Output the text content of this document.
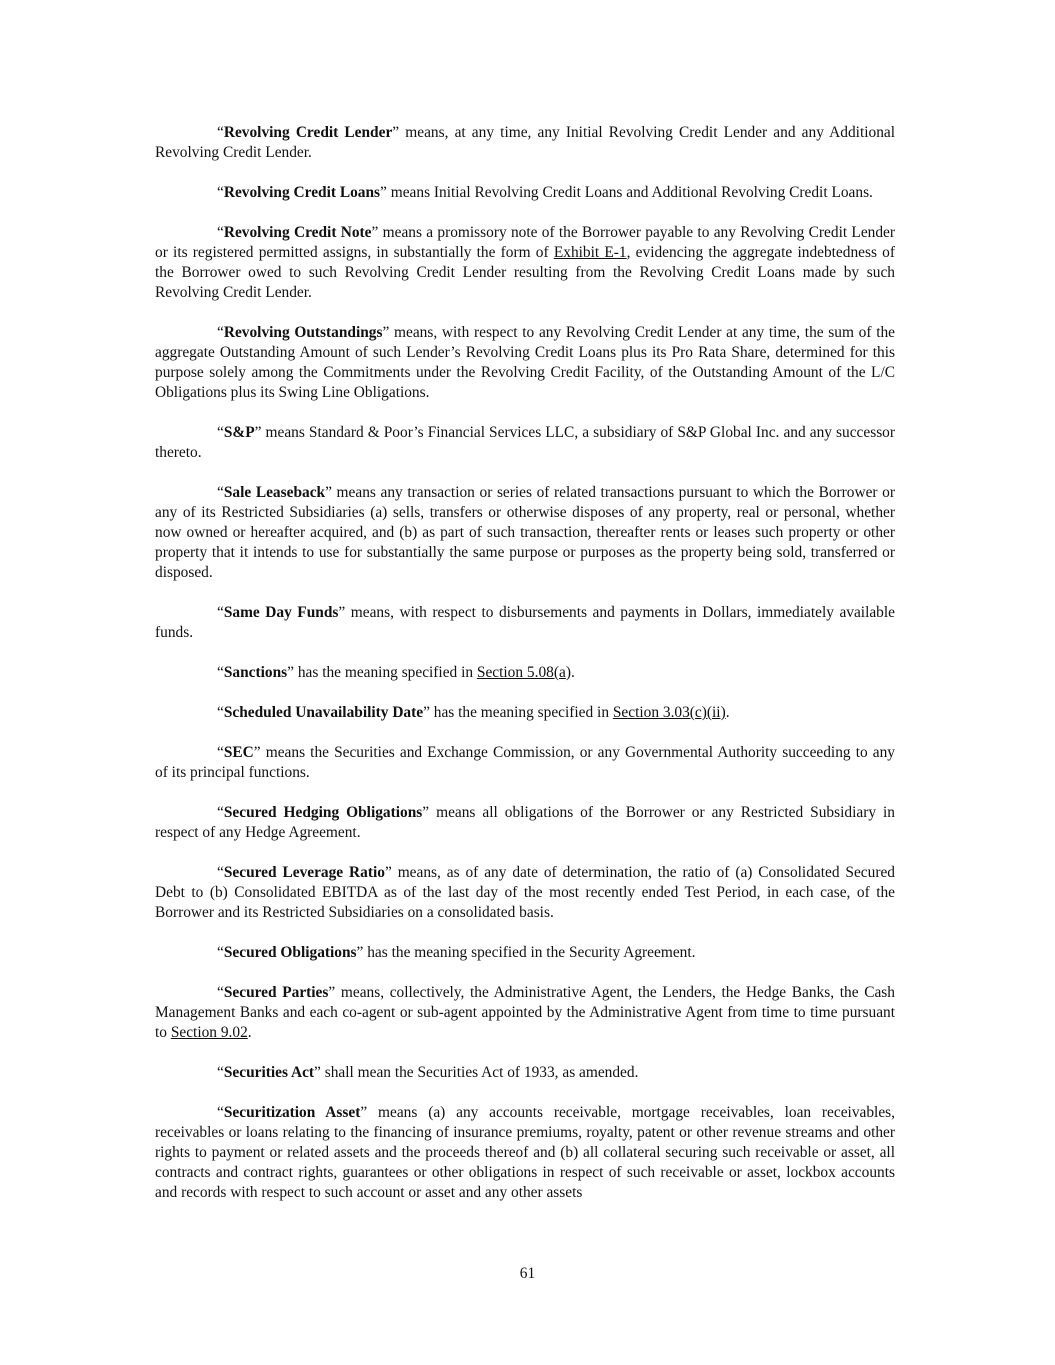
“Revolving Credit Lender” means, at any time, any Initial Revolving Credit Lender and any Additional Revolving Credit Lender.

“Revolving Credit Loans” means Initial Revolving Credit Loans and Additional Revolving Credit Loans.

“Revolving Credit Note” means a promissory note of the Borrower payable to any Revolving Credit Lender or its registered permitted assigns, in substantially the form of Exhibit E-1, evidencing the aggregate indebtedness of the Borrower owed to such Revolving Credit Lender resulting from the Revolving Credit Loans made by such Revolving Credit Lender.

“Revolving Outstandings” means, with respect to any Revolving Credit Lender at any time, the sum of the aggregate Outstanding Amount of such Lender’s Revolving Credit Loans plus its Pro Rata Share, determined for this purpose solely among the Commitments under the Revolving Credit Facility, of the Outstanding Amount of the L/C Obligations plus its Swing Line Obligations.

“S&P” means Standard & Poor’s Financial Services LLC, a subsidiary of S&P Global Inc. and any successor thereto.

“Sale Leaseback” means any transaction or series of related transactions pursuant to which the Borrower or any of its Restricted Subsidiaries (a) sells, transfers or otherwise disposes of any property, real or personal, whether now owned or hereafter acquired, and (b) as part of such transaction, thereafter rents or leases such property or other property that it intends to use for substantially the same purpose or purposes as the property being sold, transferred or disposed.

“Same Day Funds” means, with respect to disbursements and payments in Dollars, immediately available funds.

“Sanctions” has the meaning specified in Section 5.08(a).

“Scheduled Unavailability Date” has the meaning specified in Section 3.03(c)(ii).

“SEC” means the Securities and Exchange Commission, or any Governmental Authority succeeding to any of its principal functions.

“Secured Hedging Obligations” means all obligations of the Borrower or any Restricted Subsidiary in respect of any Hedge Agreement.

“Secured Leverage Ratio” means, as of any date of determination, the ratio of (a) Consolidated Secured Debt to (b) Consolidated EBITDA as of the last day of the most recently ended Test Period, in each case, of the Borrower and its Restricted Subsidiaries on a consolidated basis.

“Secured Obligations” has the meaning specified in the Security Agreement.

“Secured Parties” means, collectively, the Administrative Agent, the Lenders, the Hedge Banks, the Cash Management Banks and each co-agent or sub-agent appointed by the Administrative Agent from time to time pursuant to Section 9.02.

“Securities Act” shall mean the Securities Act of 1933, as amended.

“Securitization Asset” means (a) any accounts receivable, mortgage receivables, loan receivables, receivables or loans relating to the financing of insurance premiums, royalty, patent or other revenue streams and other rights to payment or related assets and the proceeds thereof and (b) all collateral securing such receivable or asset, all contracts and contract rights, guarantees or other obligations in respect of such receivable or asset, lockbox accounts and records with respect to such account or asset and any other assets

61
